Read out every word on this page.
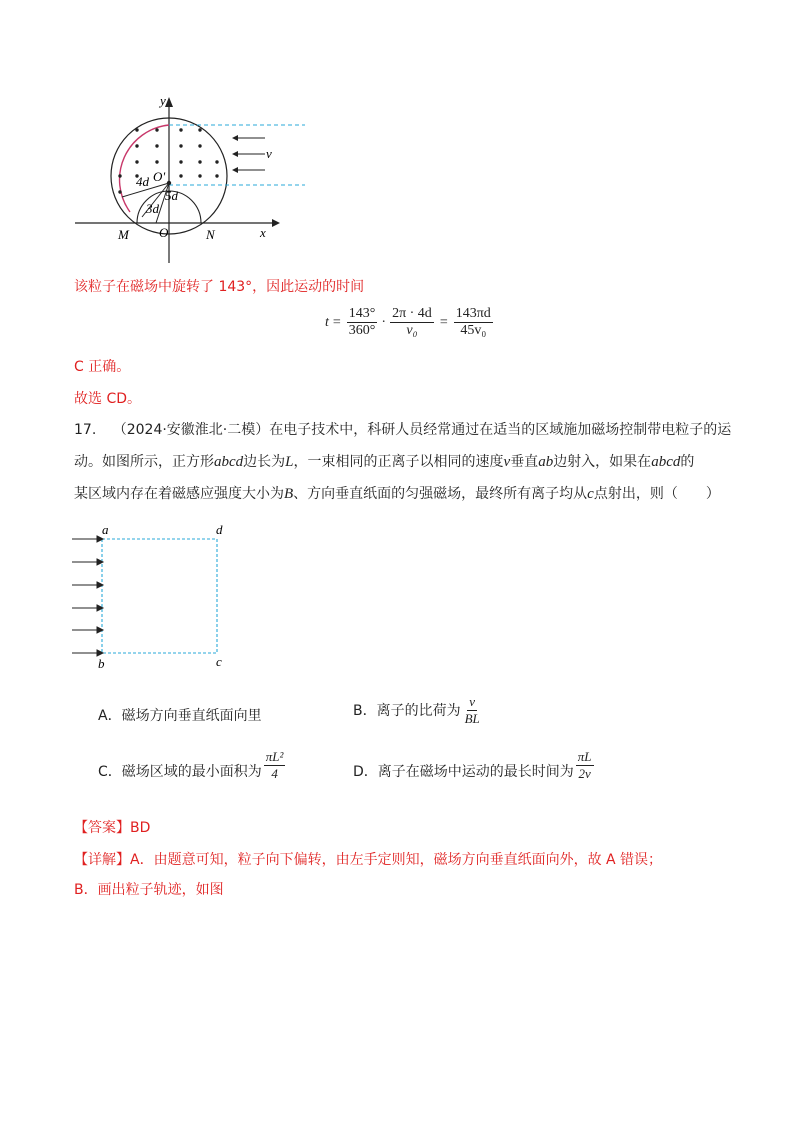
y
x
v
O'
4d
5d
3d
M O	N
该粒子在磁场中旋转了 143°，因此运动的时间
$t = \frac{143^\circ}{360^\circ} \cdot \frac{2\pi \cdot 4d}{\text{v₀}} = \frac{143\pi d}{\text{45v₀}}$
C 正确。
故选 CD。
17. （2024·安徽淮北·二模）在电子技术中，科研人员经常通过在适当的区域施加磁场控制带电粒子的运
动。如图所示，正方形abcd边长为L，一束相同的正离子以相同的速度v垂直ab边射入，如果在abcd的
某区域内存在着磁感应强度大小为B、方向垂直纸面的匀强磁场，最终所有离子均从c点射出，则（　　）
a	d
b	c
A．磁场方向垂直纸面向里	B．离子的比荷为 $\frac{v}{BL}$
C．磁场区域的最小面积为 $\frac{\text{πL²}}{4}$	D．离子在磁场中运动的最长时间为 $\frac{\pi L}{2v}$
【答案】BD
【详解】A．由题意可知，粒子向下偏转，由左手定则知，磁场方向垂直纸面向外，故 A 错误；
B．画出粒子轨迹，如图
